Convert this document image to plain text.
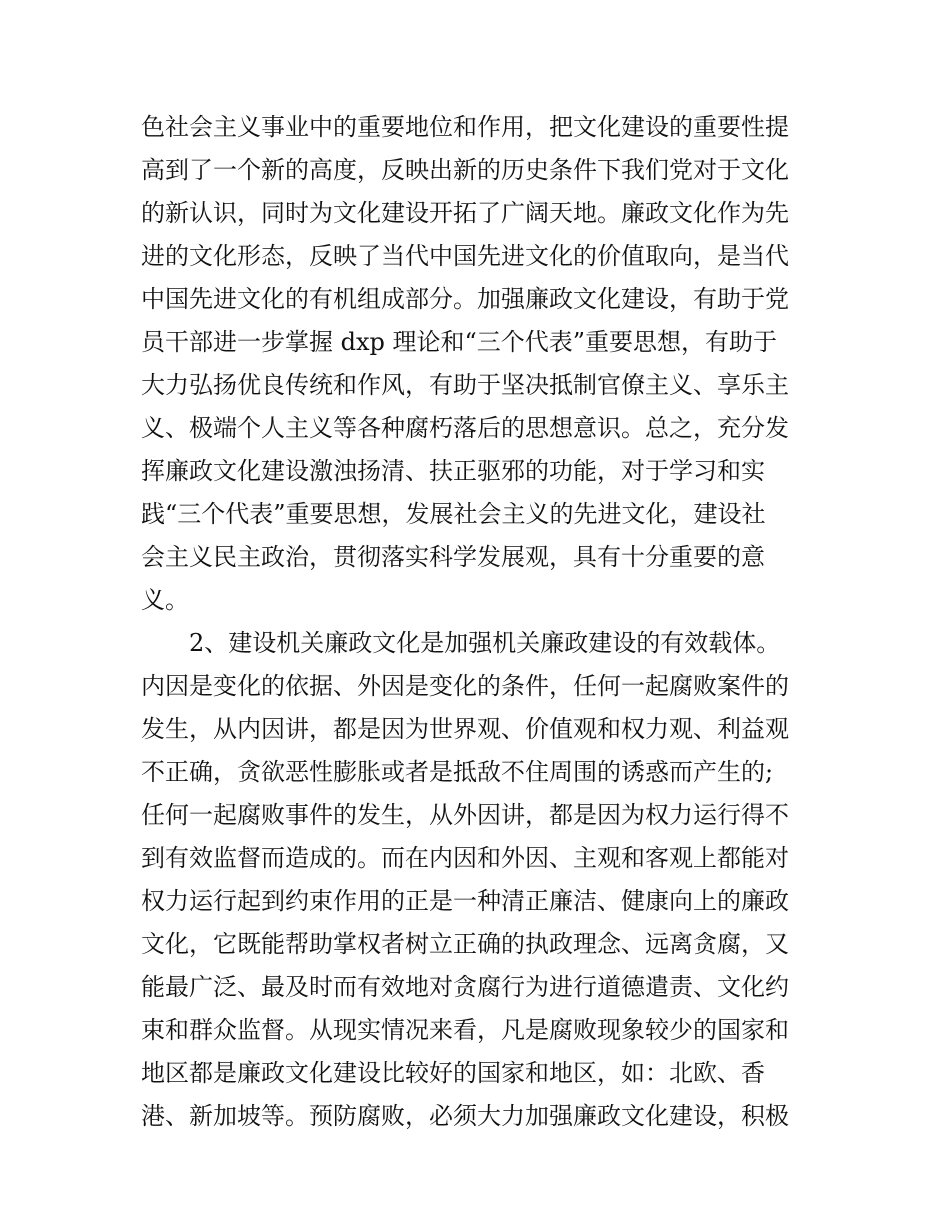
色社会主义事业中的重要地位和作用，把文化建设的重要性提
高到了一个新的高度，反映出新的历史条件下我们党对于文化
的新认识，同时为文化建设开拓了广阔天地。廉政文化作为先
进的文化形态，反映了当代中国先进文化的价值取向，是当代
中国先进文化的有机组成部分。加强廉政文化建设，有助于党
员干部进一步掌握 dxp 理论和“三个代表”重要思想，有助于
大力弘扬优良传统和作风，有助于坚决抵制官僚主义、享乐主
义、极端个人主义等各种腐朽落后的思想意识。总之，充分发
挥廉政文化建设激浊扬清、扶正驱邪的功能，对于学习和实
践“三个代表”重要思想，发展社会主义的先进文化，建设社
会主义民主政治，贯彻落实科学发展观，具有十分重要的意
义。
2、建设机关廉政文化是加强机关廉政建设的有效载体。
内因是变化的依据、外因是变化的条件，任何一起腐败案件的
发生，从内因讲，都是因为世界观、价值观和权力观、利益观
不正确，贪欲恶性膨胀或者是抵敌不住周围的诱惑而产生的;
任何一起腐败事件的发生，从外因讲，都是因为权力运行得不
到有效监督而造成的。而在内因和外因、主观和客观上都能对
权力运行起到约束作用的正是一种清正廉洁、健康向上的廉政
文化，它既能帮助掌权者树立正确的执政理念、远离贪腐，又
能最广泛、最及时而有效地对贪腐行为进行道德遣责、文化约
束和群众监督。从现实情况来看，凡是腐败现象较少的国家和
地区都是廉政文化建设比较好的国家和地区，如：北欧、香
港、新加坡等。预防腐败，必须大力加强廉政文化建设，积极
